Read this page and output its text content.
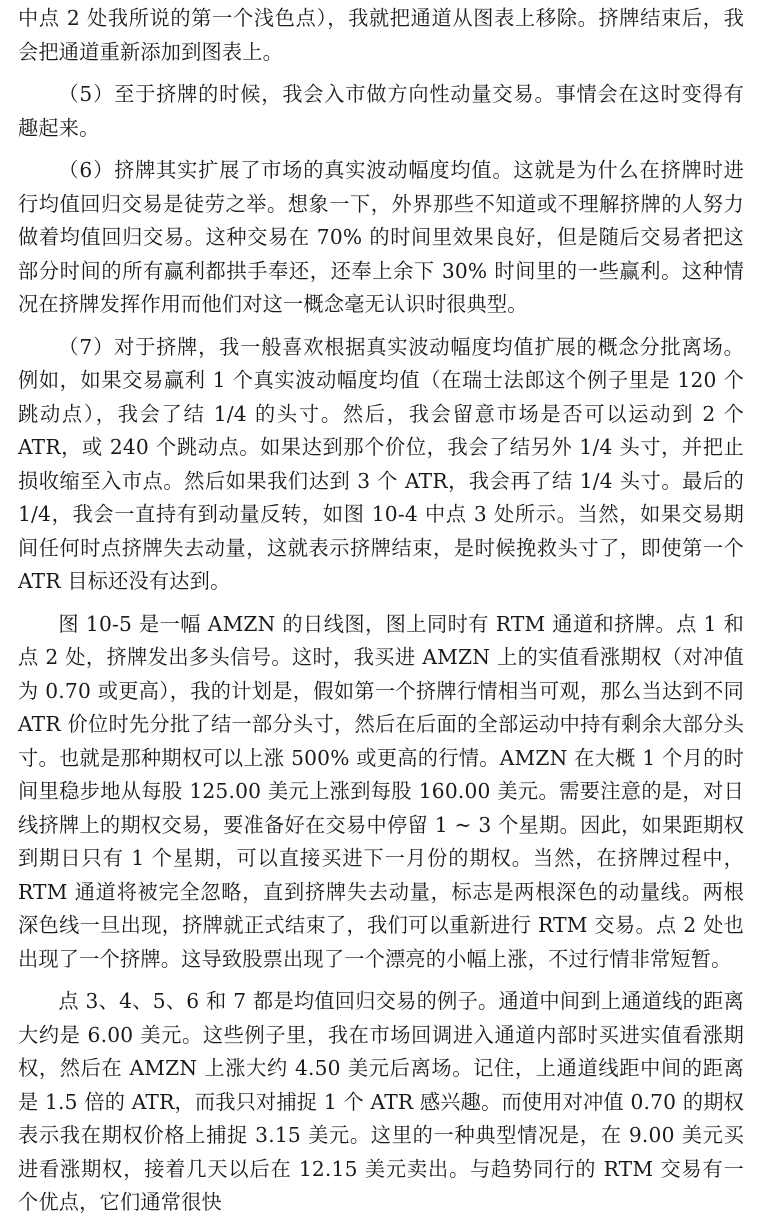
中点 2 处我所说的第一个浅色点），我就把通道从图表上移除。挤牌结束后，我会把通道重新添加到图表上。

（5）至于挤牌的时候，我会入市做方向性动量交易。事情会在这时变得有趣起来。

（6）挤牌其实扩展了市场的真实波动幅度均值。这就是为什么在挤牌时进行均值回归交易是徒劳之举。想象一下，外界那些不知道或不理解挤牌的人努力做着均值回归交易。这种交易在 70% 的时间里效果良好，但是随后交易者把这部分时间的所有赢利都拱手奉还，还奉上余下 30% 时间里的一些赢利。这种情况在挤牌发挥作用而他们对这一概念毫无认识时很典型。

（7）对于挤牌，我一般喜欢根据真实波动幅度均值扩展的概念分批离场。例如，如果交易赢利 1 个真实波动幅度均值（在瑞士法郎这个例子里是 120 个跳动点），我会了结 1/4 的头寸。然后，我会留意市场是否可以运动到 2 个 ATR，或 240 个跳动点。如果达到那个价位，我会了结另外 1/4 头寸，并把止损收缩至入市点。然后如果我们达到 3 个 ATR，我会再了结 1/4 头寸。最后的 1/4，我会一直持有到动量反转，如图 10-4 中点 3 处所示。当然，如果交易期间任何时点挤牌失去动量，这就表示挤牌结束，是时候挽救头寸了，即使第一个 ATR 目标还没有达到。

图 10-5 是一幅 AMZN 的日线图，图上同时有 RTM 通道和挤牌。点 1 和点 2 处，挤牌发出多头信号。这时，我买进 AMZN 上的实值看涨期权（对冲值为 0.70 或更高），我的计划是，假如第一个挤牌行情相当可观，那么当达到不同 ATR 价位时先分批了结一部分头寸，然后在后面的全部运动中持有剩余大部分头寸。也就是那种期权可以上涨 500% 或更高的行情。AMZN 在大概 1 个月的时间里稳步地从每股 125.00 美元上涨到每股 160.00 美元。需要注意的是，对日线挤牌上的期权交易，要准备好在交易中停留 1 ~ 3 个星期。因此，如果距期权到期日只有 1 个星期，可以直接买进下一月份的期权。当然，在挤牌过程中，RTM 通道将被完全忽略，直到挤牌失去动量，标志是两根深色的动量线。两根深色线一旦出现，挤牌就正式结束了，我们可以重新进行 RTM 交易。点 2 处也出现了一个挤牌。这导致股票出现了一个漂亮的小幅上涨，不过行情非常短暂。

点 3、4、5、6 和 7 都是均值回归交易的例子。通道中间到上通道线的距离大约是 6.00 美元。这些例子里，我在市场回调进入通道内部时买进实值看涨期权，然后在 AMZN 上涨大约 4.50 美元后离场。记住，上通道线距中间的距离是 1.5 倍的 ATR，而我只对捕捉 1 个 ATR 感兴趣。而使用对冲值 0.70 的期权表示我在期权价格上捕捉 3.15 美元。这里的一种典型情况是，在 9.00 美元买进看涨期权，接着几天以后在 12.15 美元卖出。与趋势同行的 RTM 交易有一个优点，它们通常很快
